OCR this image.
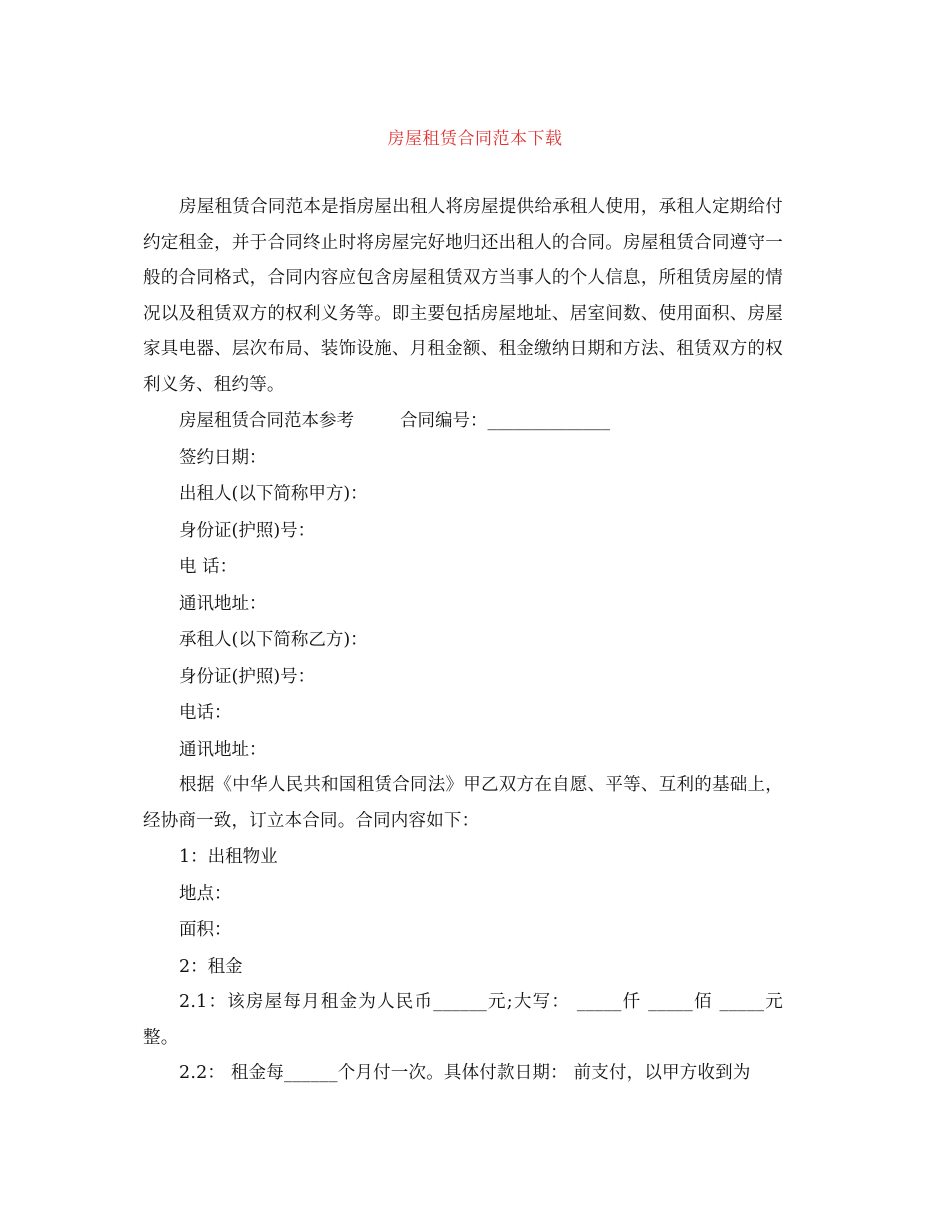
房屋租赁合同范本下载

房屋租赁合同范本是指房屋出租人将房屋提供给承租人使用，承租人定期给付约定租金，并于合同终止时将房屋完好地归还出租人的合同。房屋租赁合同遵守一般的合同格式，合同内容应包含房屋租赁双方当事人的个人信息，所租赁房屋的情况以及租赁双方的权利义务等。即主要包括房屋地址、居室间数、使用面积、房屋家具电器、层次布局、装饰设施、月租金额、租金缴纳日期和方法、租赁双方的权利义务、租约等。

房屋租赁合同范本参考	合同编号：______________

签约日期：

出租人(以下简称甲方)：

身份证(护照)号：

电 话：

通讯地址：

承租人(以下简称乙方)：

身份证(护照)号：

电话：

通讯地址：

根据《中华人民共和国租赁合同法》甲乙双方在自愿、平等、互利的基础上，经协商一致，订立本合同。合同内容如下：

1：出租物业

地点：

面积：

2：租金

2.1：该房屋每月租金为人民币______元;大写： _____仟 _____佰 _____元整。

2.2： 租金每______个月付一次。具体付款日期： 前支付，以甲方收到为
